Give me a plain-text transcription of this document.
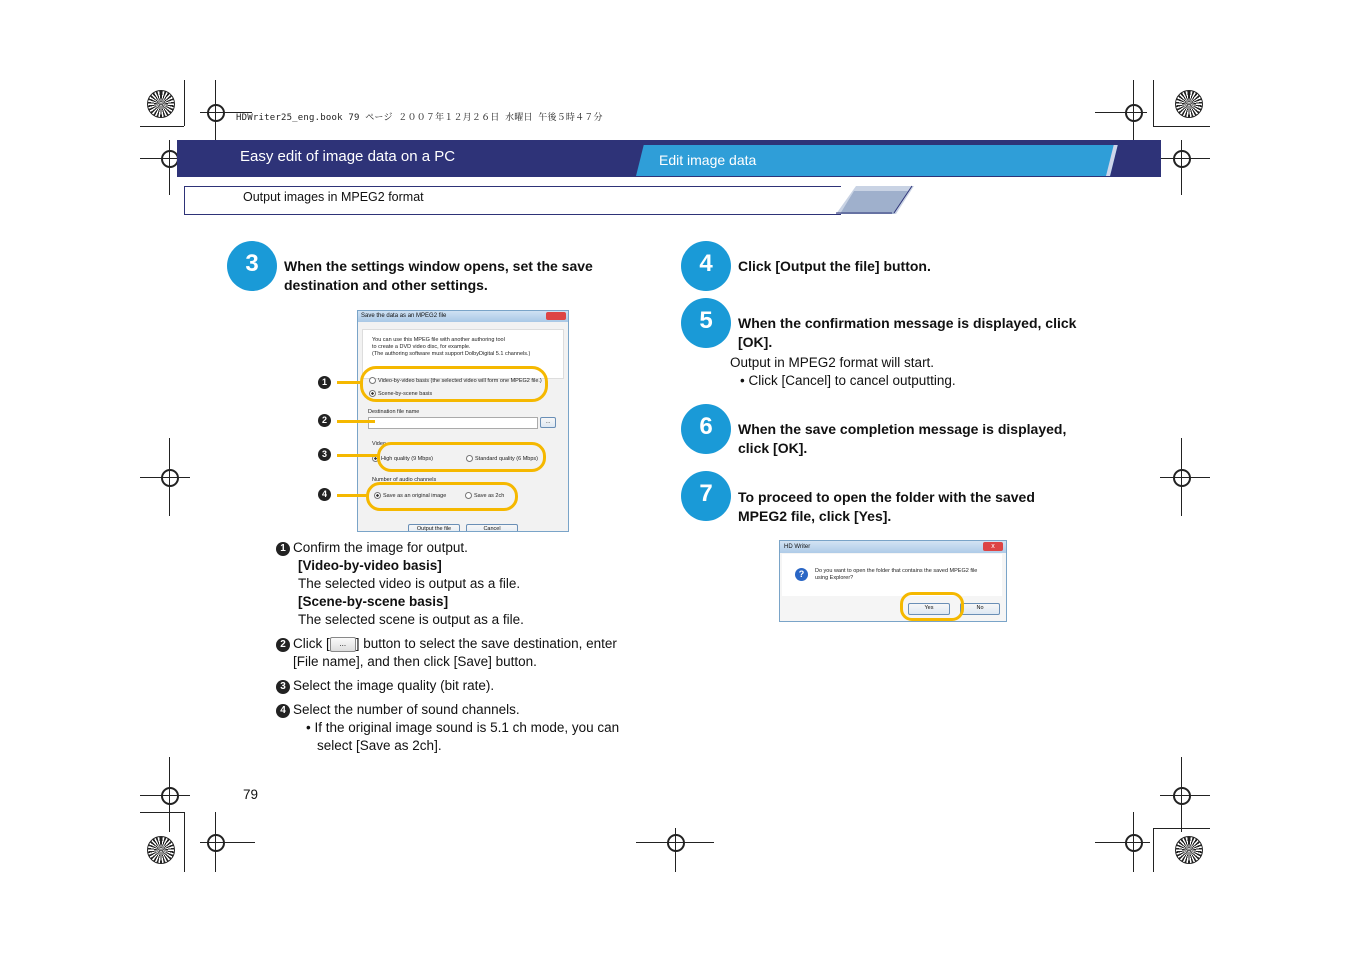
HDWriter25_eng.book 79 ページ ２００７年１２月２６日 水曜日 午後５時４７分
Easy edit of image data on a PC	Edit image data
Output images in MPEG2 format
3	When the settings window opens, set the save
destination and other settings.
Save the data as an MPEG2 file
You can use this MPEG file with another authoring tool
to create a DVD video disc, for example.
(The authoring software must support DolbyDigital 5.1 channels.)
Video-by-video basis (the selected video will form one MPEG2 file.)
Scene-by-scene basis
Destination file name
...
Video
High quality (9 Mbps)	Standard quality (6 Mbps)
Number of audio channels
Save as an original image	Save as 2ch
Output the file	Cancel
1
2
3
4
1 Confirm the image for output.
[Video-by-video basis]
The selected video is output as a file.
[Scene-by-scene basis]
The selected scene is output as a file.
2 Click [ ... ] button to select the save destination, enter
[File name], and then click [Save] button.
3 Select the image quality (bit rate).
4 Select the number of sound channels.
• If the original image sound is 5.1 ch mode, you can
select [Save as 2ch].
79
4	Click [Output the file] button.
5	When the confirmation message is displayed, click
[OK].
Output in MPEG2 format will start.
• Click [Cancel] to cancel outputting.
6	When the save completion message is displayed,
click [OK].
7	To proceed to open the folder with the saved
MPEG2 file, click [Yes].
HD Writer	x
?	Do you want to open the folder that contains the saved MPEG2 file
using Explorer?
Yes	No
